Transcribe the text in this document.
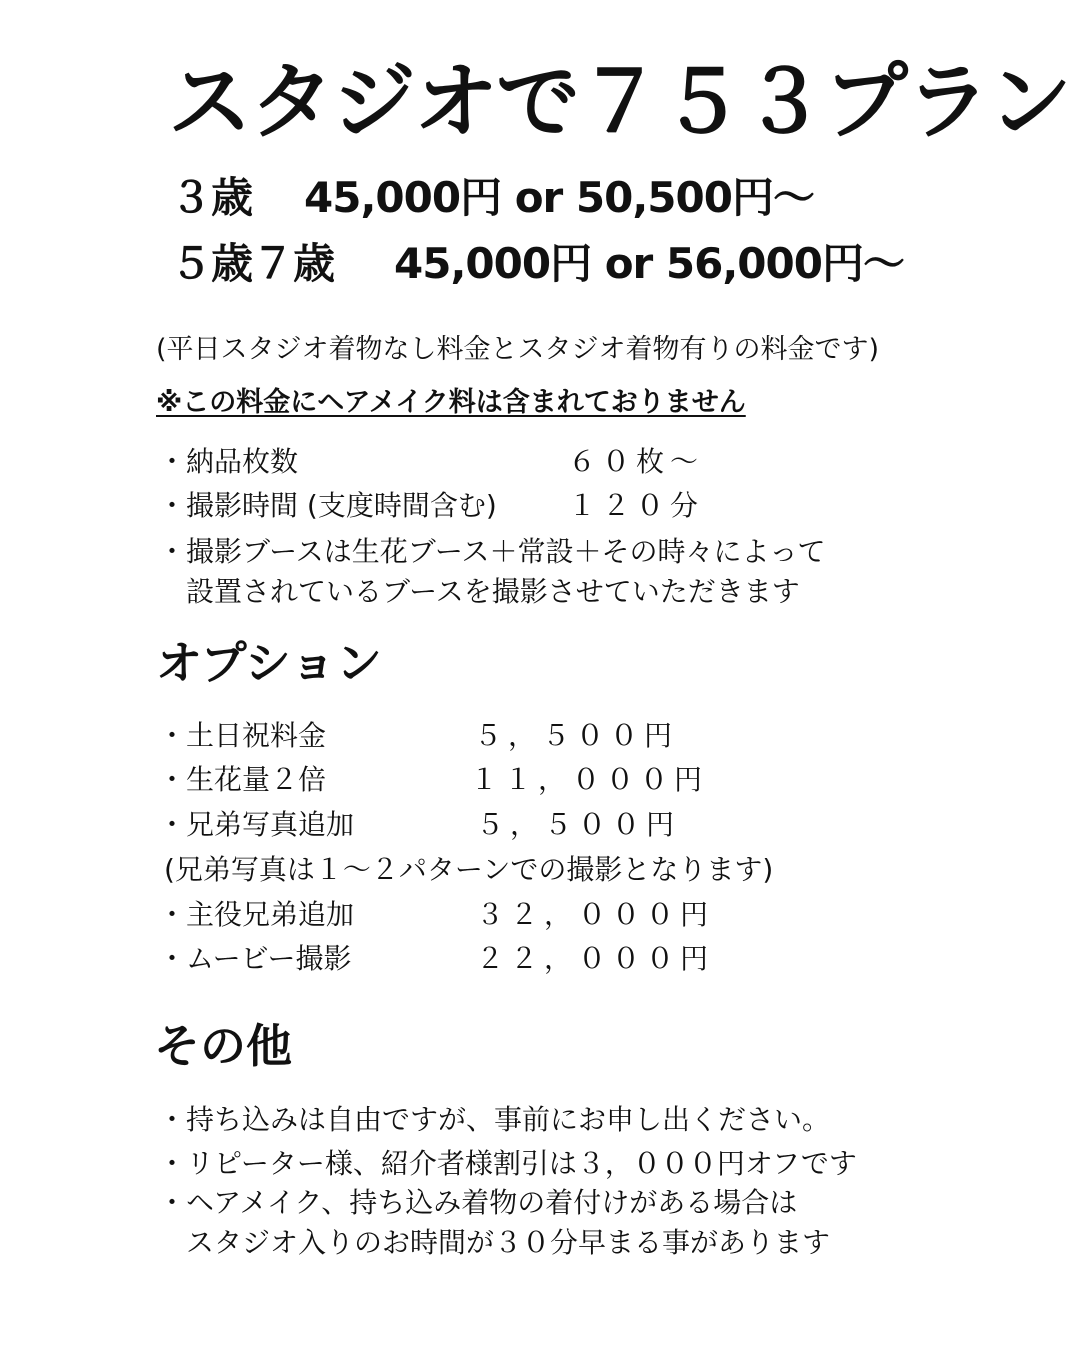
スタジオで７５３プラン
３歳 45,000円 or 50,500円〜
５歳７歳 45,000円 or 56,000円〜
(平日スタジオ着物なし料金とスタジオ着物有りの料金です)
※この料金にヘアメイク料は含まれておりません
・納品枚数	６０枚〜
・撮影時間 (支度時間含む)	１２０分
・撮影ブースは生花ブース＋常設＋その時々によって
　設置されているブースを撮影させていただきます
オプション
・土日祝料金	５，５００円
・生花量２倍	１１，０００円
・兄弟写真追加	５，５００円
(兄弟写真は１〜２パターンでの撮影となります)
・主役兄弟追加	３２，０００円
・ムービー撮影	２２，０００円
その他
・持ち込みは自由ですが、事前にお申し出ください。
・リピーター様、紹介者様割引は３，０００円オフです
・ヘアメイク、持ち込み着物の着付けがある場合は
　スタジオ入りのお時間が３０分早まる事があります
